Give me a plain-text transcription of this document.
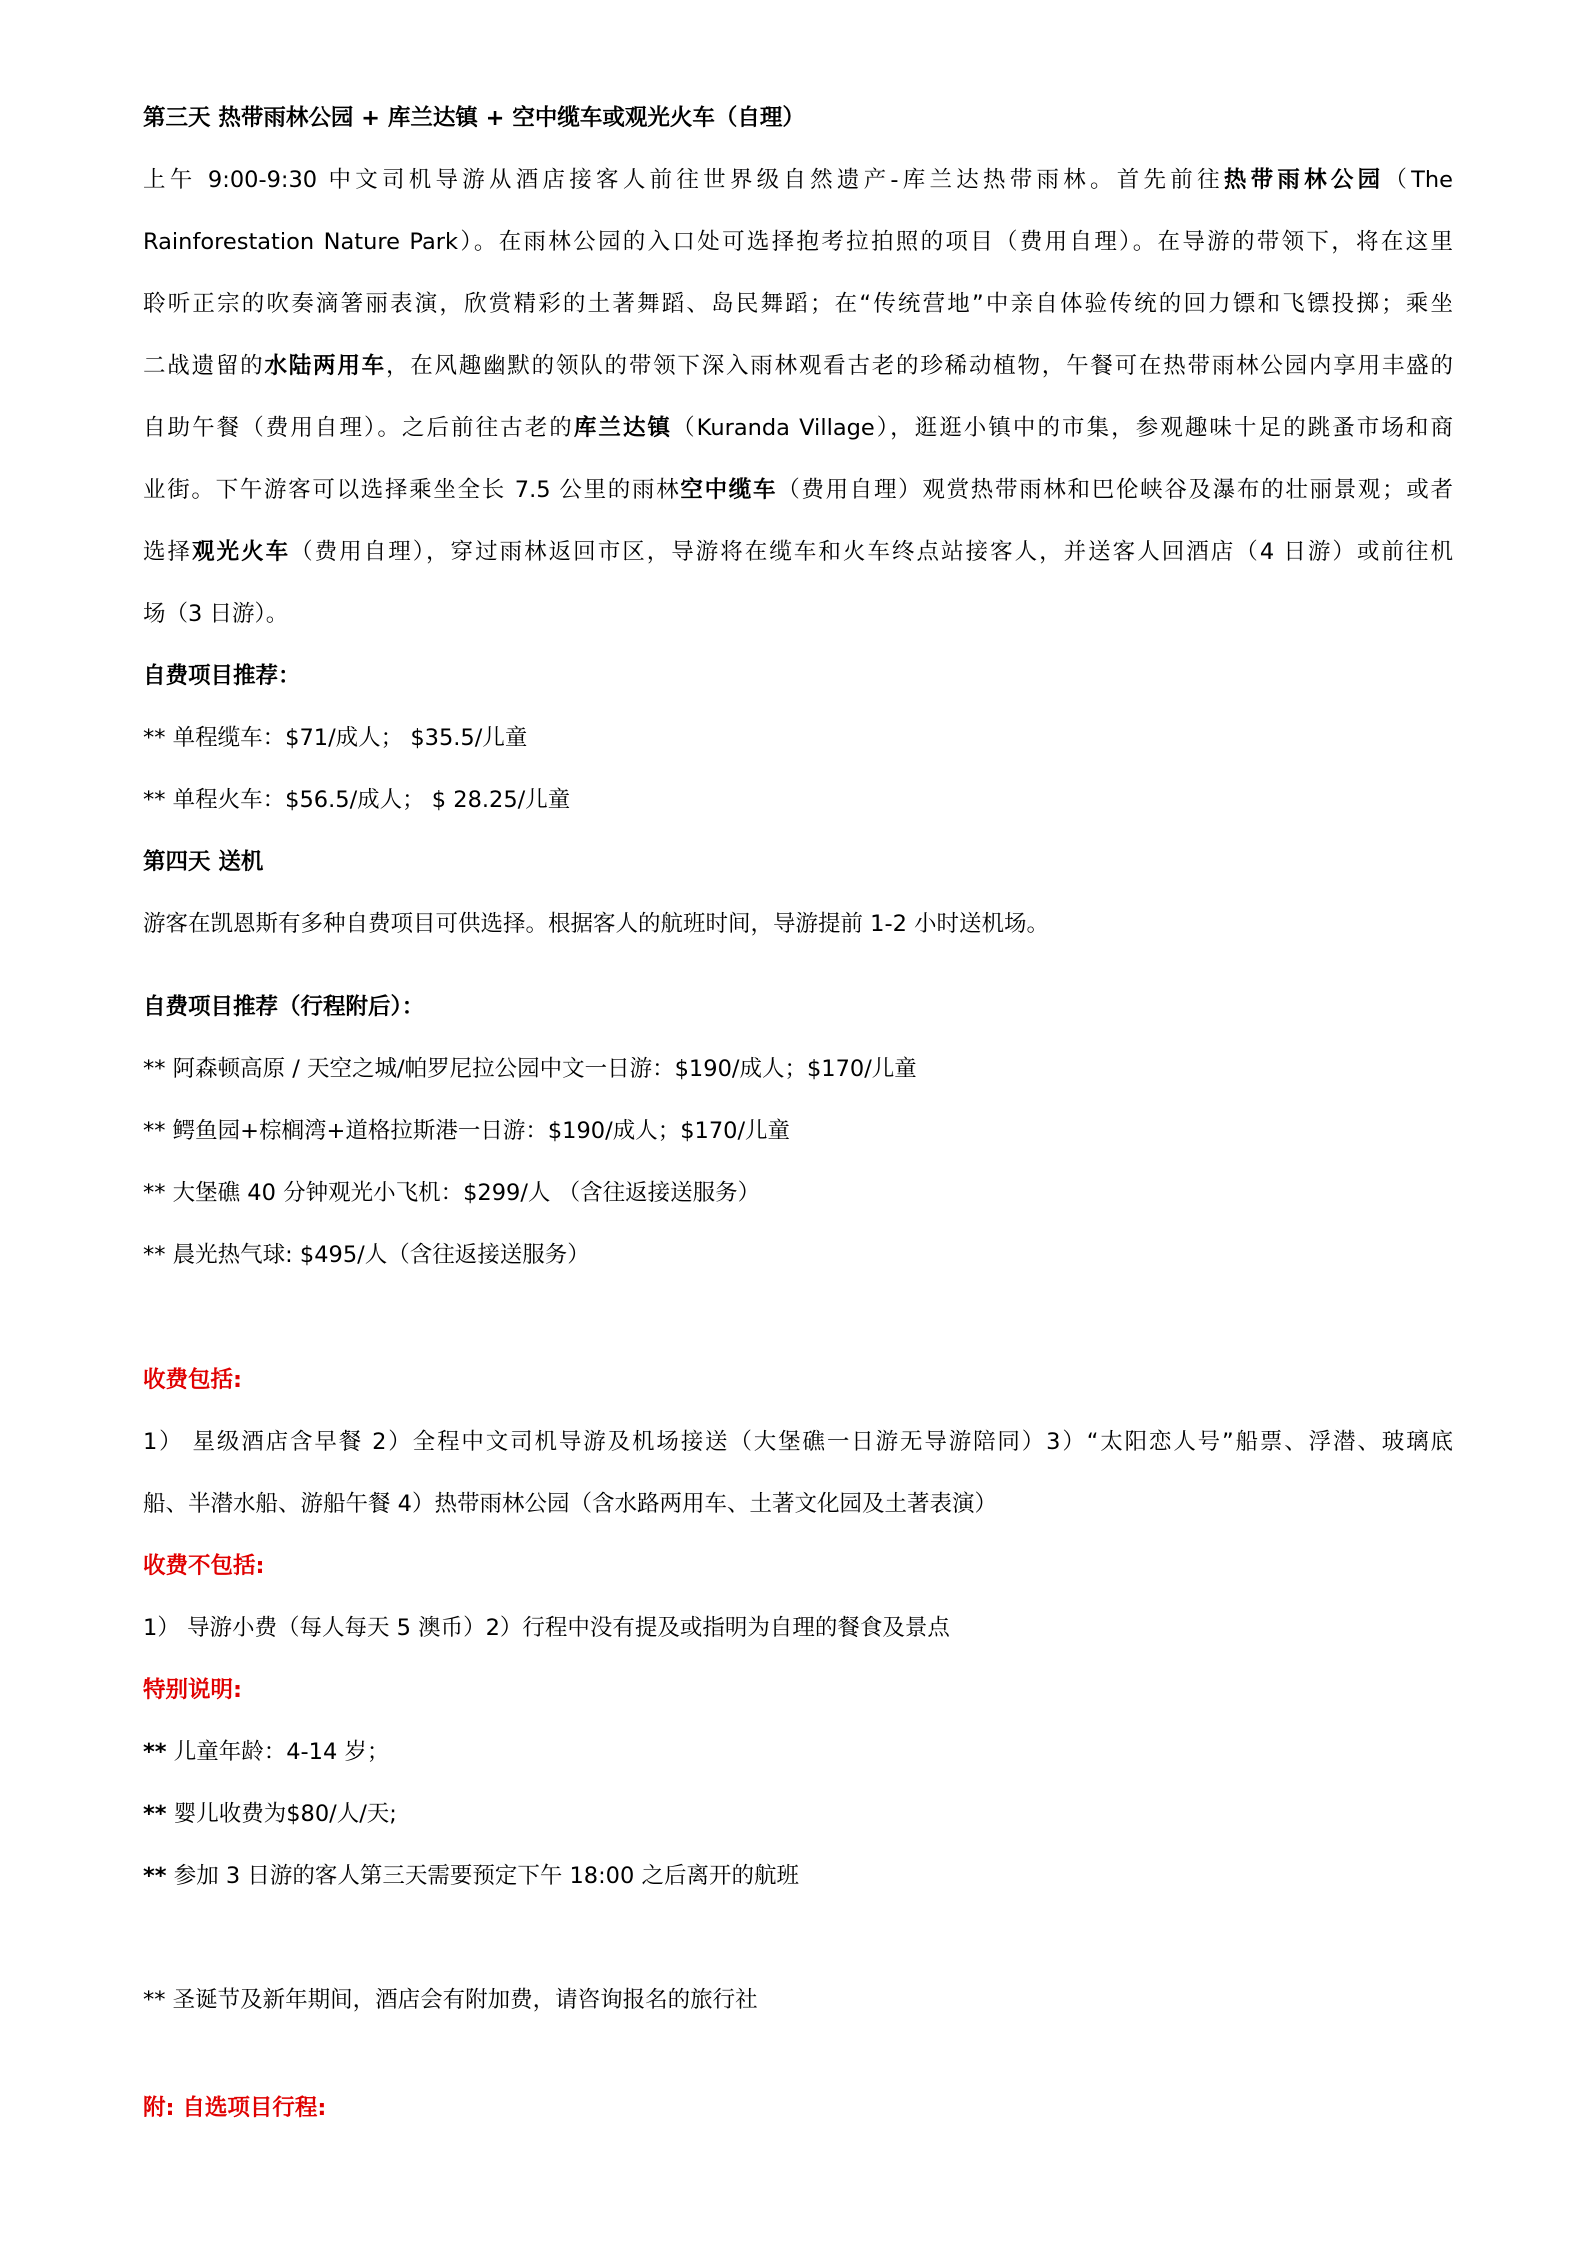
第三天 热带雨林公园 + 库兰达镇 + 空中缆车或观光火车（自理）
上午 9:00-9:30 中文司机导游从酒店接客人前往世界级自然遗产-库兰达热带雨林。首先前往热带雨林公园（The
Rainforestation Nature Park）。在雨林公园的入口处可选择抱考拉拍照的项目（费用自理）。在导游的带领下，将在这里
聆听正宗的吹奏滴箸丽表演，欣赏精彩的土著舞蹈、岛民舞蹈；在“传统营地”中亲自体验传统的回力镖和飞镖投掷；乘坐
二战遗留的水陆两用车，在风趣幽默的领队的带领下深入雨林观看古老的珍稀动植物，午餐可在热带雨林公园内享用丰盛的
自助午餐（费用自理）。之后前往古老的库兰达镇（Kuranda Village），逛逛小镇中的市集，参观趣味十足的跳蚤市场和商
业街。下午游客可以选择乘坐全长 7.5 公里的雨林空中缆车（费用自理）观赏热带雨林和巴伦峡谷及瀑布的壮丽景观；或者
选择观光火车（费用自理），穿过雨林返回市区，导游将在缆车和火车终点站接客人，并送客人回酒店（4 日游）或前往机
场（3 日游）。
自费项目推荐：
** 单程缆车：$71/成人； $35.5/儿童
** 单程火车：$56.5/成人； $ 28.25/儿童
第四天 送机
游客在凯恩斯有多种自费项目可供选择。根据客人的航班时间，导游提前 1-2 小时送机场。
自费项目推荐（行程附后）：
** 阿森顿高原 / 天空之城/帕罗尼拉公园中文一日游：$190/成人；$170/儿童
** 鳄鱼园+棕榈湾+道格拉斯港一日游：$190/成人；$170/儿童
** 大堡礁 40 分钟观光小飞机：$299/人 （含往返接送服务）
** 晨光热气球: $495/人（含往返接送服务）
收费包括:
1） 星级酒店含早餐 2）全程中文司机导游及机场接送（大堡礁一日游无导游陪同）3）“太阳恋人号”船票、浮潜、玻璃底
船、半潜水船、游船午餐 4）热带雨林公园（含水路两用车、土著文化园及土著表演）
收费不包括:
1） 导游小费（每人每天 5 澳币）2）行程中没有提及或指明为自理的餐食及景点
特别说明:
** 儿童年龄：4-14 岁；
** 婴儿收费为$80/人/天;
** 参加 3 日游的客人第三天需要预定下午 18:00 之后离开的航班
** 圣诞节及新年期间，酒店会有附加费，请咨询报名的旅行社
附: 自选项目行程:
